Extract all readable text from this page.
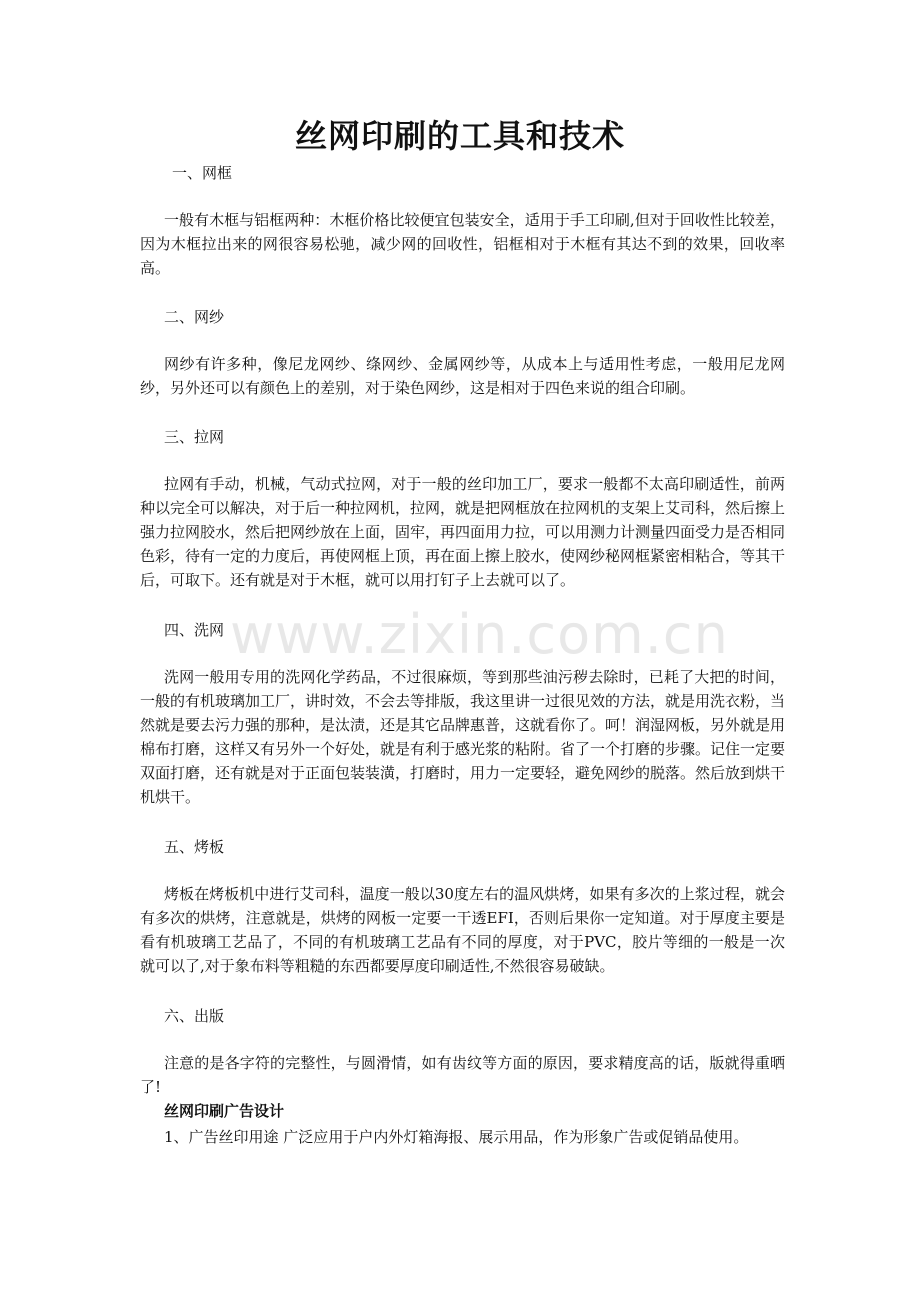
丝网印刷的工具和技术
一、网框
一般有木框与铝框两种：木框价格比较便宜包装安全，适用于手工印刷,但对于回收性比较差，因为木框拉出来的网很容易松驰，减少网的回收性，铝框相对于木框有其达不到的效果，回收率高。
二、网纱
网纱有许多种，像尼龙网纱、绦网纱、金属网纱等，从成本上与适用性考虑，一般用尼龙网纱，另外还可以有颜色上的差别，对于染色网纱，这是相对于四色来说的组合印刷。
三、拉网
拉网有手动，机械，气动式拉网，对于一般的丝印加工厂，要求一般都不太高印刷适性，前两种以完全可以解决，对于后一种拉网机，拉网，就是把网框放在拉网机的支架上艾司科，然后擦上强力拉网胶水，然后把网纱放在上面，固牢，再四面用力拉，可以用测力计测量四面受力是否相同色彩，待有一定的力度后，再使网框上顶，再在面上擦上胶水，使网纱秘网框紧密相粘合，等其干后，可取下。还有就是对于木框，就可以用打钉子上去就可以了。
四、洗网
洗网一般用专用的洗网化学药品，不过很麻烦，等到那些油污秽去除时，已耗了大把的时间，一般的有机玻璃加工厂，讲时效，不会去等排版，我这里讲一过很见效的方法，就是用洗衣粉，当然就是要去污力强的那种，是汰渍，还是其它品牌惠普，这就看你了。呵！润湿网板，另外就是用棉布打磨，这样又有另外一个好处，就是有利于感光浆的粘附。省了一个打磨的步骤。记住一定要双面打磨，还有就是对于正面包装装潢，打磨时，用力一定要轻，避免网纱的脱落。然后放到烘干机烘干。
五、烤板
烤板在烤板机中进行艾司科，温度一般以30度左右的温风烘烤，如果有多次的上浆过程，就会有多次的烘烤，注意就是，烘烤的网板一定要一干透EFI，否则后果你一定知道。对于厚度主要是看有机玻璃工艺品了，不同的有机玻璃工艺品有不同的厚度，对于PVC，胶片等细的一般是一次就可以了,对于象布料等粗糙的东西都要厚度印刷适性,不然很容易破缺。
六、出版
注意的是各字符的完整性，与圆滑情，如有齿纹等方面的原因，要求精度高的话，版就得重晒了!
丝网印刷广告设计
1、广告丝印用途 广泛应用于户内外灯箱海报、展示用品，作为形象广告或促销品使用。
www.zixin.com.cn
